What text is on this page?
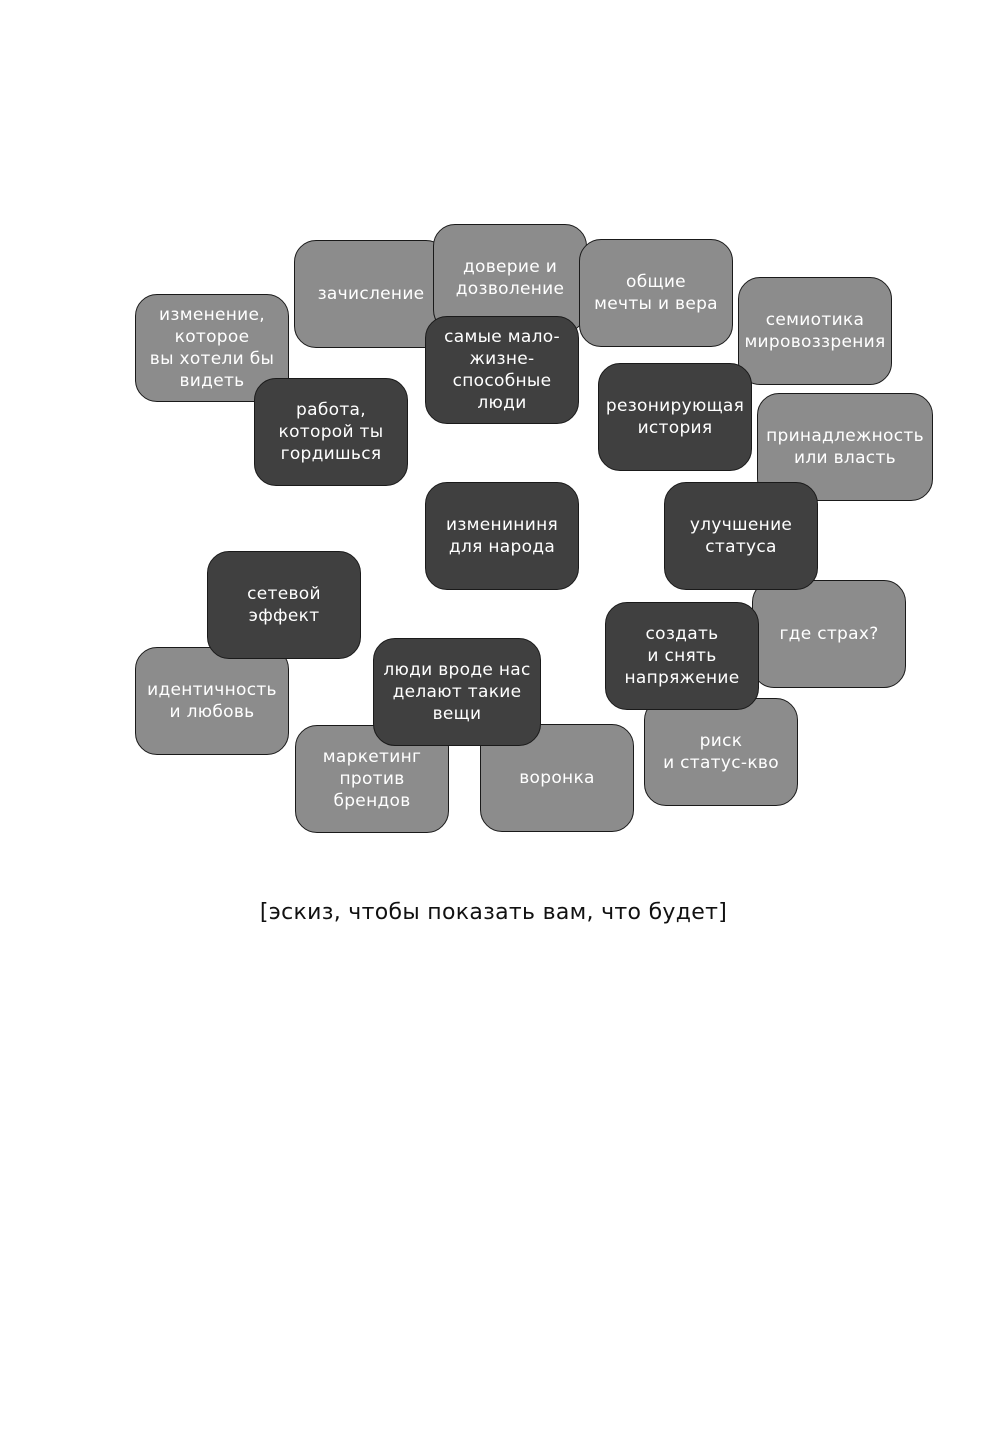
зачисление
доверие и
дозволение	общие
мечты и вера
семиотика
мировоззрения
изменение,
которое
вы хотели бы
видеть
принадлежность
или власть
где страх?
идентичность
и любовь
риск
и статус-кво
маркетинг
против
брендов
воронка
самые мало-
жизне-
способные
люди
работа,
которой ты
гордишься
резонирующая
история
изменининя
для народа
улучшение
статуса
сетевой
эффект
создать
и снять
напряжение
люди вроде нас
делают такие
вещи
[эскиз, чтобы показать вам, что будет]
